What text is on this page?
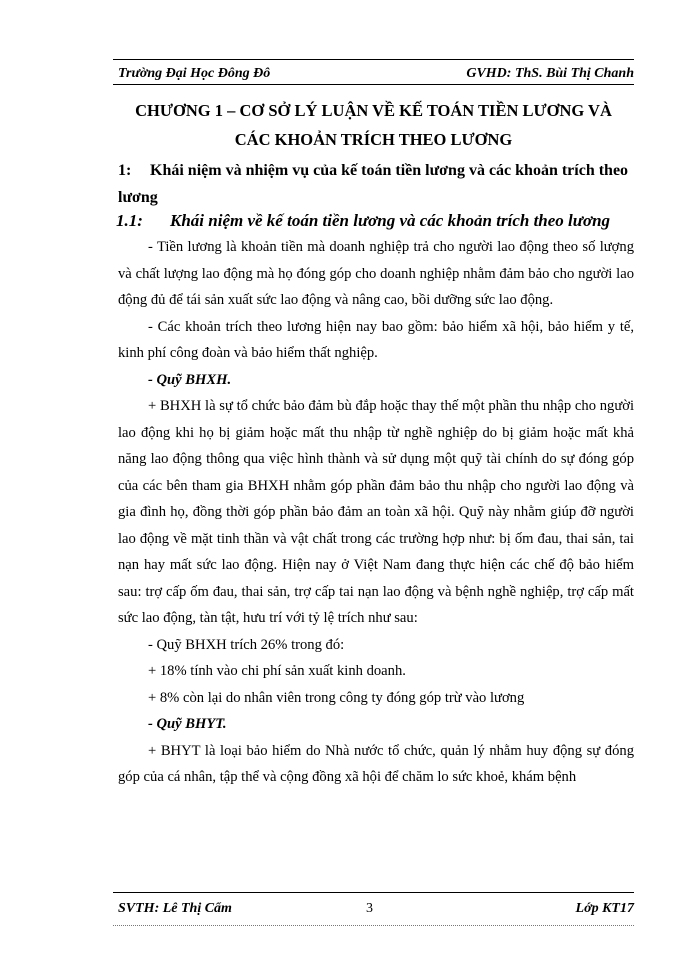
Trường Đại Học Đông Đô	GVHD: ThS. Bùi Thị Chanh
CHƯƠNG 1 – CƠ SỞ LÝ LUẬN VỀ KẾ TOÁN TIỀN LƯƠNG VÀ
CÁC KHOẢN TRÍCH THEO LƯƠNG
1: Khái niệm và nhiệm vụ của kế toán tiền lương và các khoản trích theo lương
1.1: Khái niệm về kế toán tiền lương và các khoản trích theo lương

- Tiền lương là khoản tiền mà doanh nghiệp trả cho người lao động theo số lượng và chất lượng lao động mà họ đóng góp cho doanh nghiệp nhằm đảm bảo cho người lao động đủ để tái sản xuất sức lao động và nâng cao, bồi dưỡng sức lao động.

- Các khoản trích theo lương hiện nay bao gồm: bảo hiểm xã hội, bảo hiểm y tế, kinh phí công đoàn và bảo hiểm thất nghiệp.

- Quỹ BHXH.

+ BHXH là sự tổ chức bảo đảm bù đắp hoặc thay thế một phần thu nhập cho người lao động khi họ bị giảm hoặc mất thu nhập từ nghề nghiệp do bị giảm hoặc mất khả năng lao động thông qua việc hình thành và sử dụng một quỹ tài chính do sự đóng góp của các bên tham gia BHXH nhằm góp phần đảm bảo thu nhập cho người lao động và gia đình họ, đồng thời góp phần bảo đảm an toàn xã hội. Quỹ này nhằm giúp đỡ người lao động về mặt tinh thần và vật chất trong các trường hợp như: bị ốm đau, thai sản, tai nạn hay mất sức lao động. Hiện nay ở Việt Nam đang thực hiện các chế độ bảo hiểm sau: trợ cấp ốm đau, thai sản, trợ cấp tai nạn lao động và bệnh nghề nghiệp, trợ cấp mất sức lao động, tàn tật, hưu trí với tỷ lệ trích như sau:

- Quỹ BHXH trích 26% trong đó:

+ 18% tính vào chi phí sản xuất kinh doanh.

+ 8% còn lại do nhân viên trong công ty đóng góp trừ vào lương

- Quỹ BHYT.

+ BHYT là loại bảo hiểm do Nhà nước tổ chức, quản lý nhằm huy động sự đóng góp của cá nhân, tập thể và cộng đồng xã hội để chăm lo sức khoẻ, khám bệnh

SVTH: Lê Thị Cẩm	3	Lớp KT17
